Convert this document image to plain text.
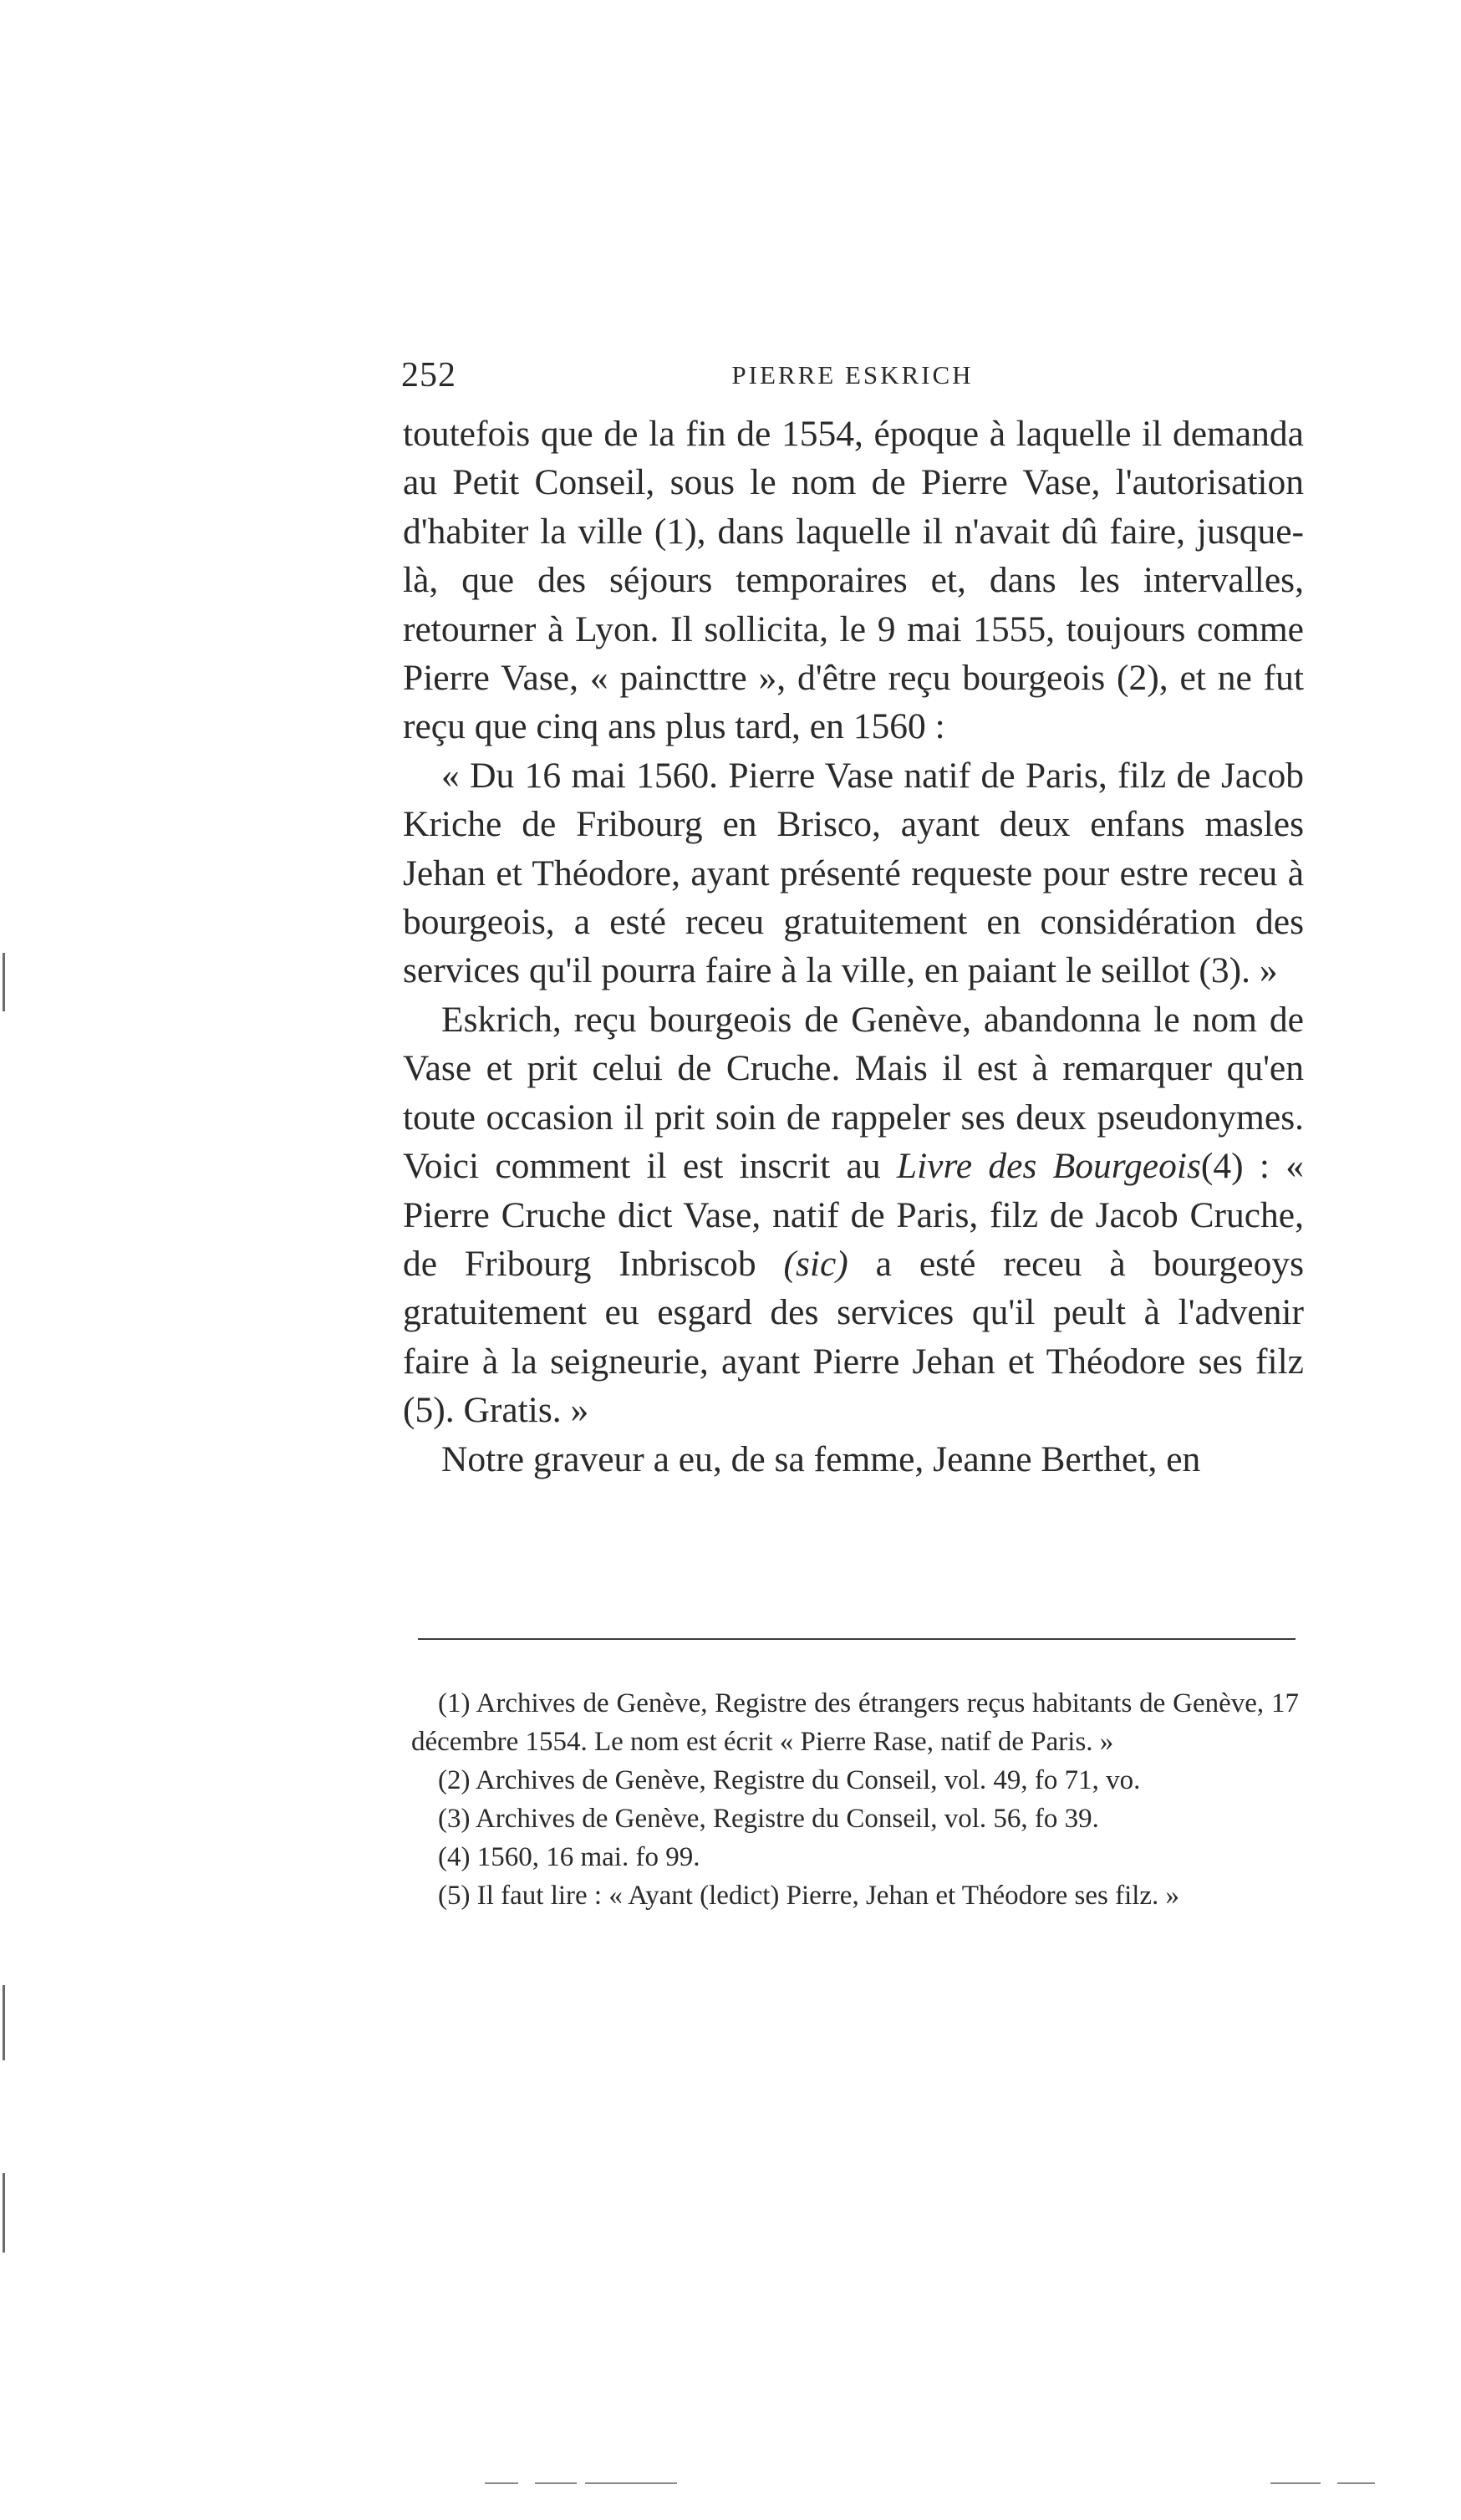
252	PIERRE ESKRICH

toutefois que de la fin de 1554, époque à laquelle il demanda au Petit Conseil, sous le nom de Pierre Vase, l'autorisation d'habiter la ville (1), dans laquelle il n'avait dû faire, jusque-là, que des séjours temporaires et, dans les intervalles, retourner à Lyon. Il sollicita, le 9 mai 1555, toujours comme Pierre Vase, « paincttre », d'être reçu bourgeois (2), et ne fut reçu que cinq ans plus tard, en 1560 :

« Du 16 mai 1560. Pierre Vase natif de Paris, filz de Jacob Kriche de Fribourg en Brisco, ayant deux enfans masles Jehan et Théodore, ayant présenté requeste pour estre receu à bourgeois, a esté receu gratuitement en considération des services qu'il pourra faire à la ville, en paiant le seillot (3). »

Eskrich, reçu bourgeois de Genève, abandonna le nom de Vase et prit celui de Cruche. Mais il est à remarquer qu'en toute occasion il prit soin de rappeler ses deux pseudonymes. Voici comment il est inscrit au Livre des Bourgeois(4) : « Pierre Cruche dict Vase, natif de Paris, filz de Jacob Cruche, de Fribourg Inbriscob (sic) a esté receu à bourgeoys gratuitement eu esgard des services qu'il peult à l'advenir faire à la seigneurie, ayant Pierre Jehan et Théodore ses filz (5). Gratis. »

Notre graveur a eu, de sa femme, Jeanne Berthet, en

(1) Archives de Genève, Registre des étrangers reçus habitants de Genève, 17 décembre 1554. Le nom est écrit « Pierre Rase, natif de Paris. »

(2) Archives de Genève, Registre du Conseil, vol. 49, fo 71, vo.

(3) Archives de Genève, Registre du Conseil, vol. 56, fo 39.

(4) 1560, 16 mai. fo 99.

(5) Il faut lire : « Ayant (ledict) Pierre, Jehan et Théodore ses filz. »
